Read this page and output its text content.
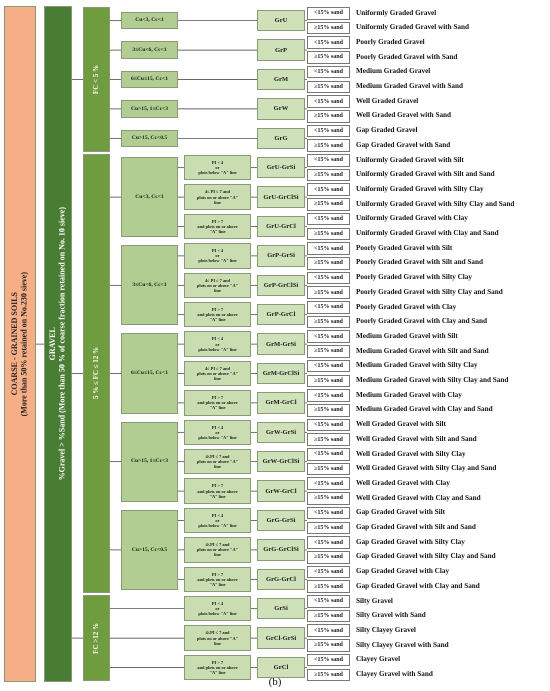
COARSE - GRAINED SOILS
(More than 50% retained on No.230 sieve) GRAVEL
%Gravel > %Sand (More than 50 % of coarse fraction retained on No. 10 sieve)
FC < 5 %
Cu<3, Cc<1	GrU
<15% sand
≥15% sand
Uniformly Graded Gravel
Uniformly Graded Gravel with Sand
3≤Cu<6, Cc<1	GrP
<15% sand
≥15% sand
Poorly Graded Gravel
Poorly Graded Gravel with Sand
6≤Cu≤15, Cc<1	GrM
<15% sand
≥15% sand
Medium Graded Gravel
Medium Graded Gravel with Sand
Cu>15, 1≤Cc<3	GrW
<15% sand
≥15% sand
Well Graded Gravel
Well Graded Gravel with Sand
Cu>15, Cc<0.5	GrG
<15% sand
≥15% sand
Gap Graded Gravel
Gap Graded Gravel with Sand
5 % ≤ FC ≤ 12 %
Cu<3, Cc<1
PI < 4
or
plots below "A" line
GrU-GrSi
<15% sand
≥15% sand
Uniformly Graded Gravel with Silt
Uniformly Graded Gravel with Silt and Sand
4≤ PI ≤ 7 and
plots on or above "A"
line
GrU-GrClSi
<15% sand
≥15% sand
Uniformly Graded Gravel with Silty Clay
Uniformly Graded Gravel with Silty Clay and Sand
PI > 7
and plots on or above
"A" line
GrU-GrCl
<15% sand
≥15% sand
Uniformly Graded Gravel with Clay
Uniformly Graded Gravel with Clay and Sand
3≤Cu<6, Cc<1
PI < 4
or
plots below "A" line
GrP-GrSi
<15% sand
≥15% sand
Poorly Graded Gravel with Silt
Poorly Graded Gravel with Silt and Sand
4≤ PI ≤ 7 and
plots on or above "A"
line
GrP-GrClSi
<15% sand
≥15% sand
Poorly Graded Gravel with Silty Clay
Poorly Graded Gravel with Silty Clay and Sand
PI > 7
and plots on or above
"A" line
GrP-GrCl
<15% sand
≥15% sand
Poorly Graded Gravel with Clay
Poorly Graded Gravel with Clay and Sand
6≤Cu≤15, Cc<1
PI < 4
or
plots below "A" line
GrM-GrSi
<15% sand
≥15% sand
Medium Graded Gravel with Silt
Medium Graded Gravel with Silt and Sand
4≤ PI ≤ 7 and
plots on or above "A"
line
GrM-GrClSi
<15% sand
≥15% sand
Medium Graded Gravel with Silty Clay
Medium Graded Gravel with Silty Clay and Sand
PI > 7
and plots on or above
"A" line
GrM-GrCl
<15% sand
≥15% sand
Medium Graded Gravel with Clay
Medium Graded Gravel with Clay and Sand
Cu>15, 1≤Cc<3
PI < 4
or
plots below "A" line
GrW-GrSi
<15% sand
≥15% sand
Well Graded Gravel with Silt
Well Graded Gravel with Silt and Sand
4≤PI ≤ 7 and
plots on or above "A"
line
GrW-GrClSi
<15% sand
≥15% sand
Well Graded Gravel with Silty Clay
Well Graded Gravel with Silty Clay and Sand
PI > 7
and plots on or above
"A" line
GrW-GrCl
<15% sand
≥15% sand
Well Graded Gravel with Clay
Well Graded Gravel with Clay and Sand
Cu>15, Cc<0.5
PI < 4
or
plots below "A" line
GrG-GrSi
<15% sand
≥15% sand
Gap Graded Gravel with Silt
Gap Graded Gravel with Silt and Sand
4≤PI ≤ 7 and
plots on or above "A"
line
GrG-GrClSi
<15% sand
≥15% sand
Gap Graded Gravel with Silty Clay
Gap Graded Gravel with Silty Clay and Sand
PI > 7
and plots on or above
"A" line
GrG-GrCl
<15% sand
≥15% sand
Gap Graded Gravel with Clay
Gap Graded Gravel with Clay and Sand
FC >12 %
PI < 4
or
plots below "A" line
GrSi
<15% sand
≥15% sand
Silty Gravel
Silty Gravel with Sand
4≤PI ≤ 7 and
plots on or above "A"
line
GrCl-GrSi
<15% sand
≥15% sand
Silty Clayey Gravel
Silty Clayey Gravel with Sand
PI > 7
and plots on or above
"A" line
GrCl
<15% sand
≥15% sand
Clayey Gravel
Clayey Gravel with Sand
(b)
